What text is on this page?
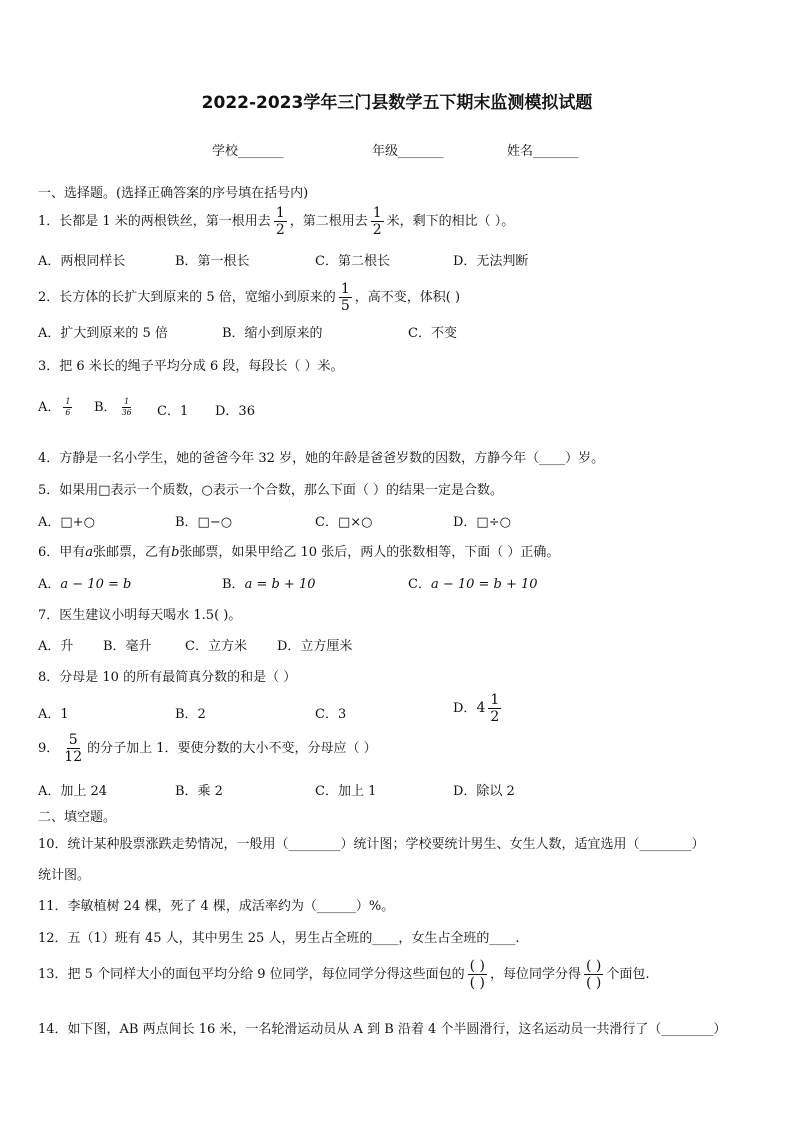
2022-2023学年三门县数学五下期末监测模拟试题
学校_______	年级_______	姓名_______
一、选择题。(选择正确答案的序号填在括号内)
1．长都是 1 米的两根铁丝，第一根用去 $\frac{1}{2}$ ，第二根用去 $\frac{1}{2}$ 米，剩下的相比（ ）。
A．两根同样长	B．第一根长	C．第二根长	D．无法判断
2．长方体的长扩大到原来的 5 倍，宽缩小到原来的 $\frac{1}{5}$ ，高不变，体积( )
A．扩大到原来的 5 倍	B．缩小到原来的	C．不变
3．把 6 米长的绳子平均分成 6 段，每段长（ ）米。
A． $\frac{1}{6}$ B． $\frac{1}{36}$ C．1 D．36
4．方静是一名小学生，她的爸爸今年 32 岁，她的年龄是爸爸岁数的因数，方静今年（____）岁。
5．如果用□表示一个质数，○表示一个合数，那么下面（ ）的结果一定是合数。
A．□+○	B．□−○	C．□×○	D．□÷○
6．甲有a张邮票，乙有b张邮票，如果甲给乙 10 张后，两人的张数相等，下面（ ）正确。
A．a − 10 = b	B．a = b + 10	C．a − 10 = b + 10
7．医生建议小明每天喝水 1.5( )。
A．升 B．毫升	C．立方米 D．立方厘米
8．分母是 10 的所有最简真分数的和是（ ）
A．1	B．2	C．3	D．$4 \frac{1}{2}$
9． $\frac{5}{12}$ 的分子加上 1．要使分数的大小不变，分母应（ ）
A．加上 24	B．乘 2	C．加上 1	D．除以 2
二、填空题。
10．统计某种股票涨跌走势情况，一般用（________）统计图；学校要统计男生、女生人数，适宜选用（________）
统计图。
11．李敏植树 24 棵，死了 4 棵，成活率约为（______）%。
12．五（1）班有 45 人，其中男生 25 人，男生占全班的____，女生占全班的____.
13．把 5 个同样大小的面包平均分给 9 位同学，每位同学分得这些面包的 $\frac{( )}{( )}$ ，每位同学分得 $\frac{( )}{( )}$ 个面包.
14．如下图，AB 两点间长 16 米，一名轮滑运动员从 A 到 B 沿着 4 个半圆滑行，这名运动员一共滑行了（________）
